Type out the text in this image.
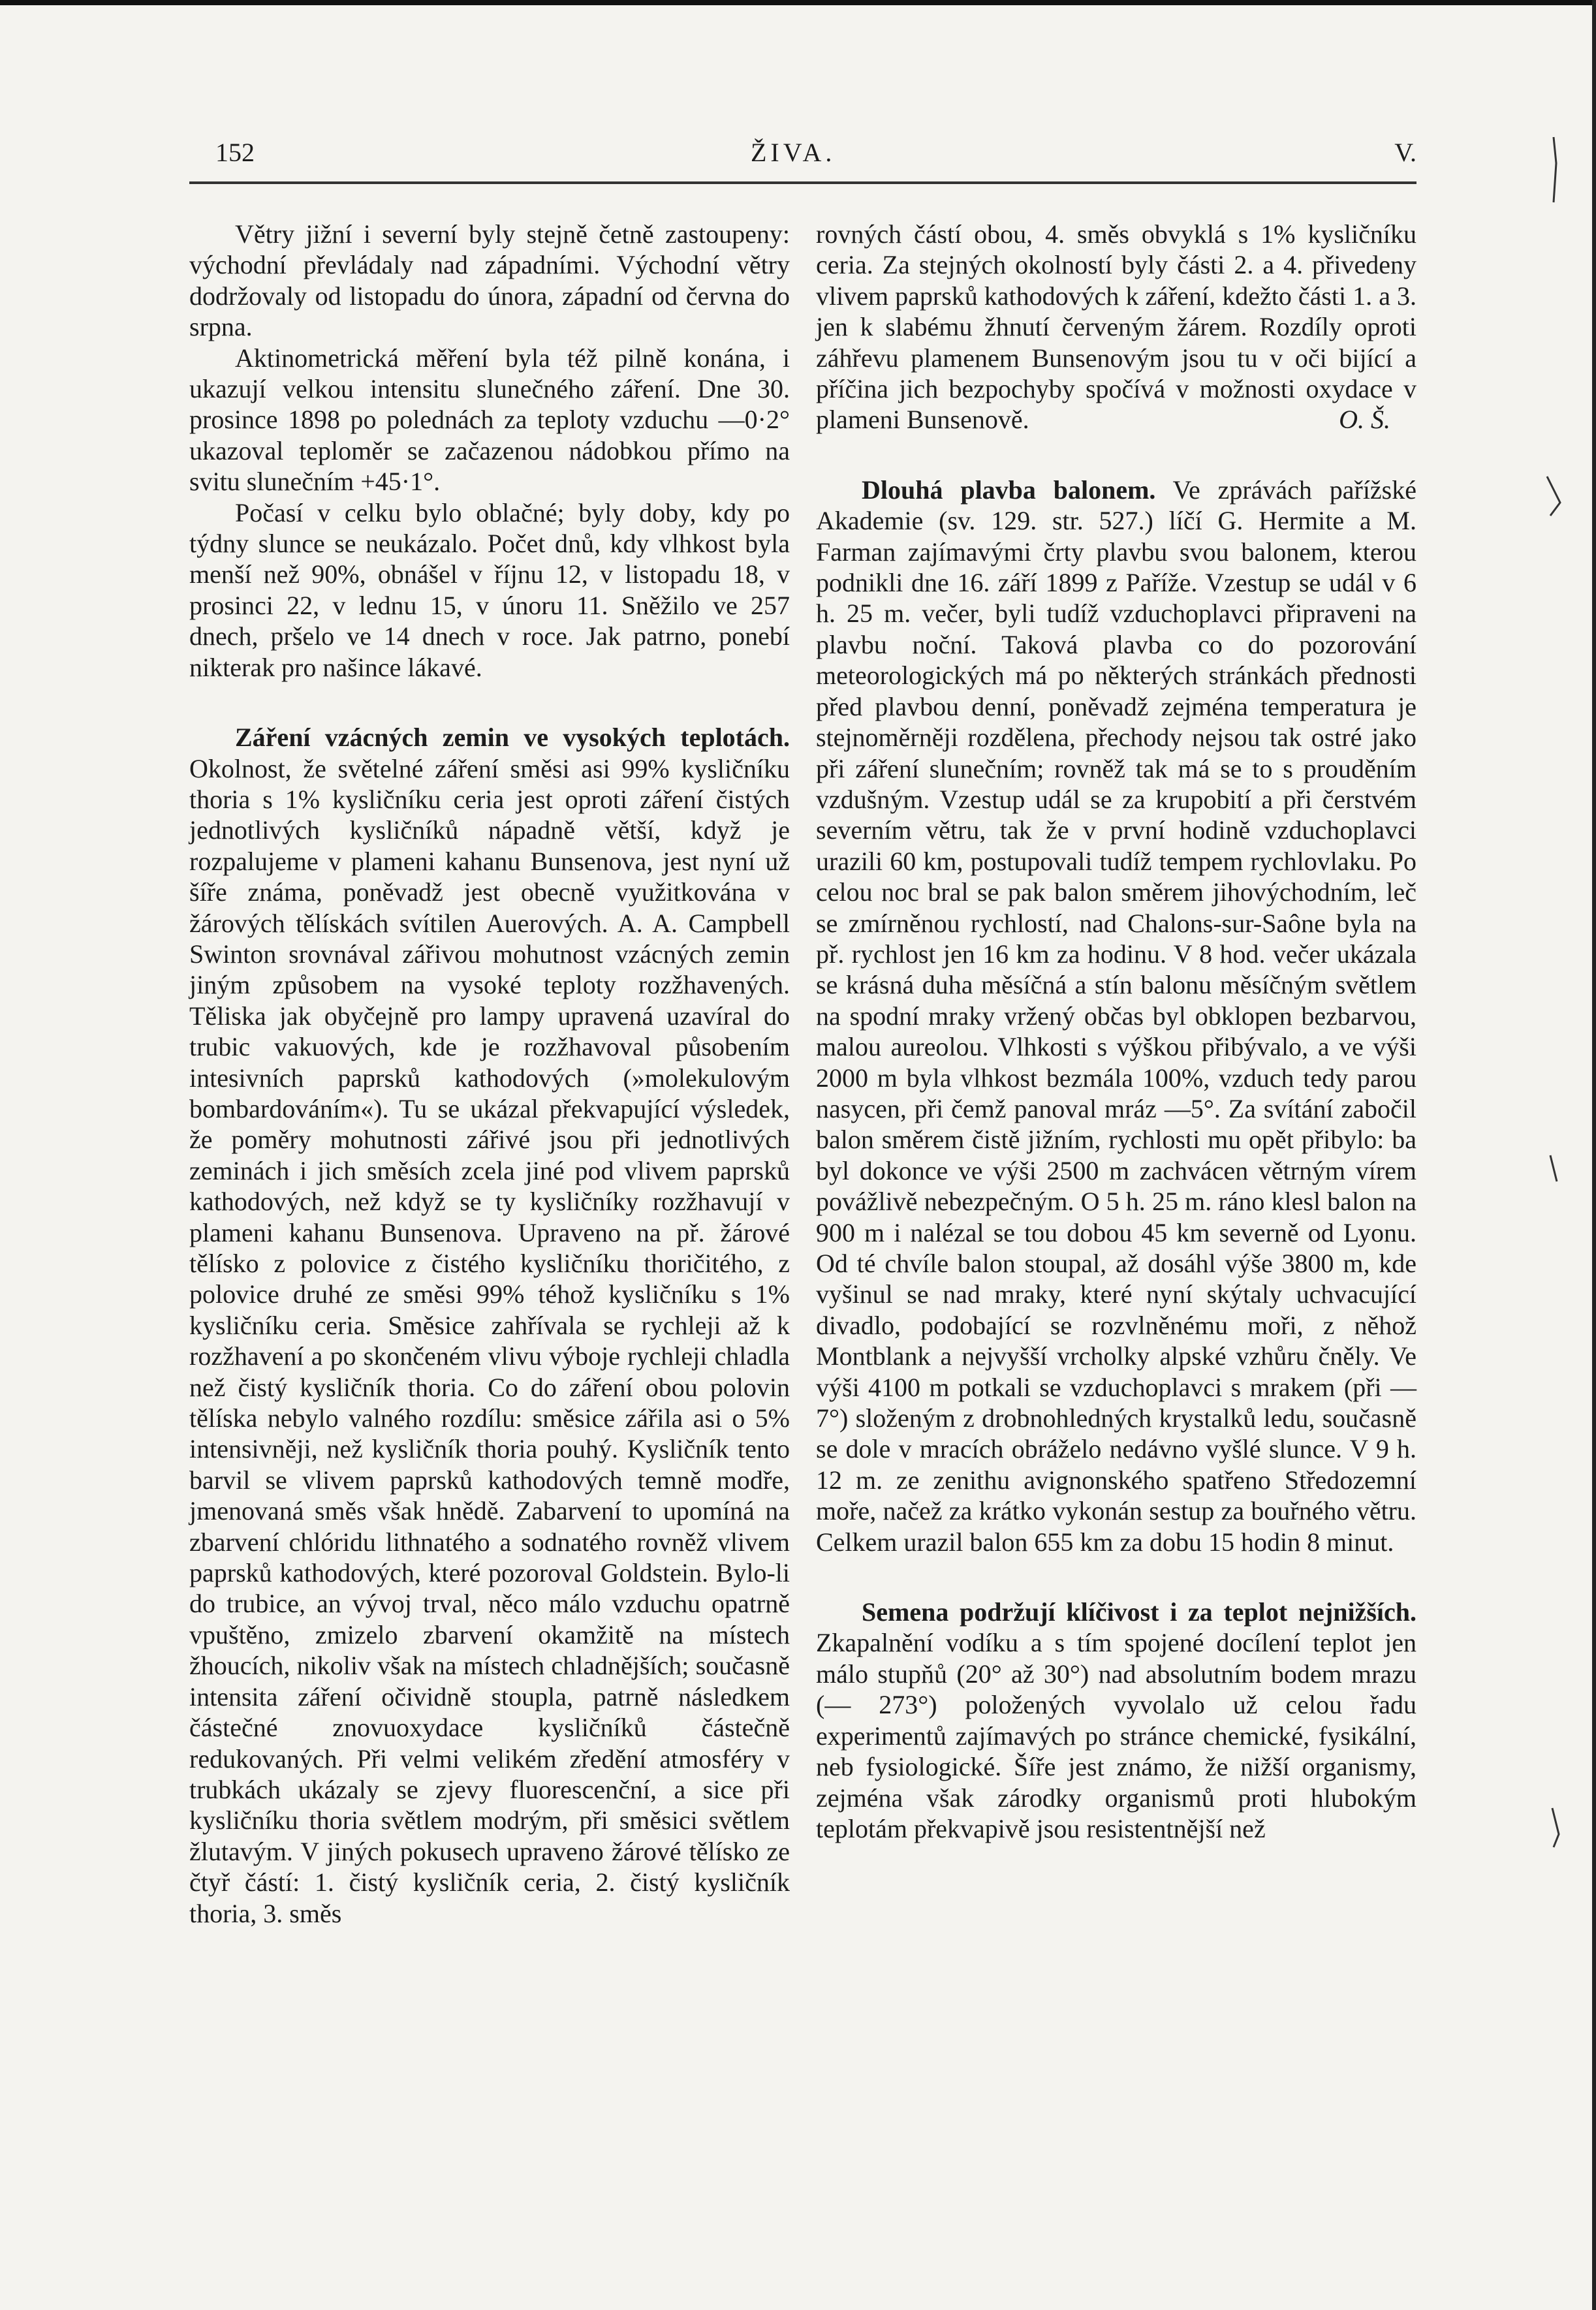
152	ŽIVA.	V.

Větry jižní i severní byly stejně četně zastoupeny: východní převládaly nad západními. Východní větry dodržovaly od listopadu do února, západní od června do srpna.

Aktinometrická měření byla též pilně konána, i ukazují velkou intensitu slunečného záření. Dne 30. prosince 1898 po polednách za teploty vzduchu —0·2° ukazoval teploměr se začazenou nádobkou přímo na svitu slunečním +45·1°.

Počasí v celku bylo oblačné; byly doby, kdy po týdny slunce se neukázalo. Počet dnů, kdy vlhkost byla menší než 90%, obnášel v říjnu 12, v listopadu 18, v prosinci 22, v lednu 15, v únoru 11. Sněžilo ve 257 dnech, pršelo ve 14 dnech v roce. Jak patrno, ponebí nikterak pro našince lákavé.

Záření vzácných zemin ve vysokých teplotách. Okolnost, že světelné záření směsi asi 99% kysličníku thoria s 1% kysličníku ceria jest oproti záření čistých jednotlivých kysličníků nápadně větší, když je rozpalujeme v plameni kahanu Bunsenova, jest nyní už šíře známa, poněvadž jest obecně využitkována v žárových tělískách svítilen Auerových. A. A. Campbell Swinton srovnával zářivou mohutnost vzácných zemin jiným způsobem na vysoké teploty rozžhavených. Těliska jak obyčejně pro lampy upravená uzavíral do trubic vakuových, kde je rozžhavoval působením intesivních paprsků kathodových (»molekulovým bombardováním«). Tu se ukázal překvapující výsledek, že poměry mohutnosti zářivé jsou při jednotlivých zeminách i jich směsích zcela jiné pod vlivem paprsků kathodových, než když se ty kysličníky rozžhavují v plameni kahanu Bunsenova. Upraveno na př. žárové tělísko z polovice z čistého kysličníku thoričitého, z polovice druhé ze směsi 99% téhož kysličníku s 1% kysličníku ceria. Směsice zahřívala se rychleji až k rozžhavení a po skončeném vlivu výboje rychleji chladla než čistý kysličník thoria. Co do záření obou polovin tělíska nebylo valného rozdílu: směsice zářila asi o 5% intensivněji, než kysličník thoria pouhý. Kysličník tento barvil se vlivem paprsků kathodových temně modře, jmenovaná směs však hnědě. Zabarvení to upomíná na zbarvení chlóridu lithnatého a sodnatého rovněž vlivem paprsků kathodových, které pozoroval Goldstein. Bylo-li do trubice, an vývoj trval, něco málo vzduchu opatrně vpuštěno, zmizelo zbarvení okamžitě na místech žhoucích, nikoliv však na místech chladnějších; současně intensita záření očividně stoupla, patrně následkem částečné znovuoxydace kysličníků částečně redukovaných. Při velmi velikém zředění atmosféry v trubkách ukázaly se zjevy fluorescenční, a sice při kysličníku thoria světlem modrým, při směsici světlem žlutavým. V jiných pokusech upraveno žárové tělísko ze čtyř částí: 1. čistý kysličník ceria, 2. čistý kysličník thoria, 3. směs

rovných částí obou, 4. směs obvyklá s 1% kysličníku ceria. Za stejných okolností byly části 2. a 4. přivedeny vlivem paprsků kathodových k záření, kdežto části 1. a 3. jen k slabému žhnutí červeným žárem. Rozdíly oproti záhřevu plamenem Bunsenovým jsou tu v oči bijící a příčina jich bezpochyby spočívá v možnosti oxydace v plameni Bunsenově.	O. Š.

Dlouhá plavba balonem. Ve zprávách pařížské Akademie (sv. 129. str. 527.) líčí G. Hermite a M. Farman zajímavými črty plavbu svou balonem, kterou podnikli dne 16. září 1899 z Paříže. Vzestup se udál v 6 h. 25 m. večer, byli tudíž vzduchoplavci připraveni na plavbu noční. Taková plavba co do pozorování meteorologických má po některých stránkách přednosti před plavbou denní, poněvadž zejména temperatura je stejnoměrněji rozdělena, přechody nejsou tak ostré jako při záření slunečním; rovněž tak má se to s prouděním vzdušným. Vzestup udál se za krupobití a při čerstvém severním větru, tak že v první hodině vzduchoplavci urazili 60 km, postupovali tudíž tempem rychlovlaku. Po celou noc bral se pak balon směrem jihovýchodním, leč se zmírněnou rychlostí, nad Chalons-sur-Saône byla na př. rychlost jen 16 km za hodinu. V 8 hod. večer ukázala se krásná duha měsíčná a stín balonu měsíčným světlem na spodní mraky vržený občas byl obklopen bezbarvou, malou aureolou. Vlhkosti s výškou přibývalo, a ve výši 2000 m byla vlhkost bezmála 100%, vzduch tedy parou nasycen, při čemž panoval mráz —5°. Za svítání zabočil balon směrem čistě jižním, rychlosti mu opět přibylo: ba byl dokonce ve výši 2500 m zachvácen větrným vírem povážlivě nebezpečným. O 5 h. 25 m. ráno klesl balon na 900 m i nalézal se tou dobou 45 km severně od Lyonu. Od té chvíle balon stoupal, až dosáhl výše 3800 m, kde vyšinul se nad mraky, které nyní skýtaly uchvacující divadlo, podobající se rozvlněnému moři, z něhož Montblank a nejvyšší vrcholky alpské vzhůru čněly. Ve výši 4100 m potkali se vzduchoplavci s mrakem (při — 7°) složeným z drobnohledných krystalků ledu, současně se dole v mracích obráželo nedávno vyšlé slunce. V 9 h. 12 m. ze zenithu avignonského spatřeno Středozemní moře, načež za krátko vykonán sestup za bouřného větru. Celkem urazil balon 655 km za dobu 15 hodin 8 minut.

Semena podržují klíčivost i za teplot nejnižších. Zkapalnění vodíku a s tím spojené docílení teplot jen málo stupňů (20° až 30°) nad absolutním bodem mrazu (— 273°) položených vyvolalo už celou řadu experimentů zajímavých po stránce chemické, fysikální, neb fysiologické. Šíře jest známo, že nižší organismy, zejména však zárodky organismů proti hlubokým teplotám překvapivě jsou resistentnější než
